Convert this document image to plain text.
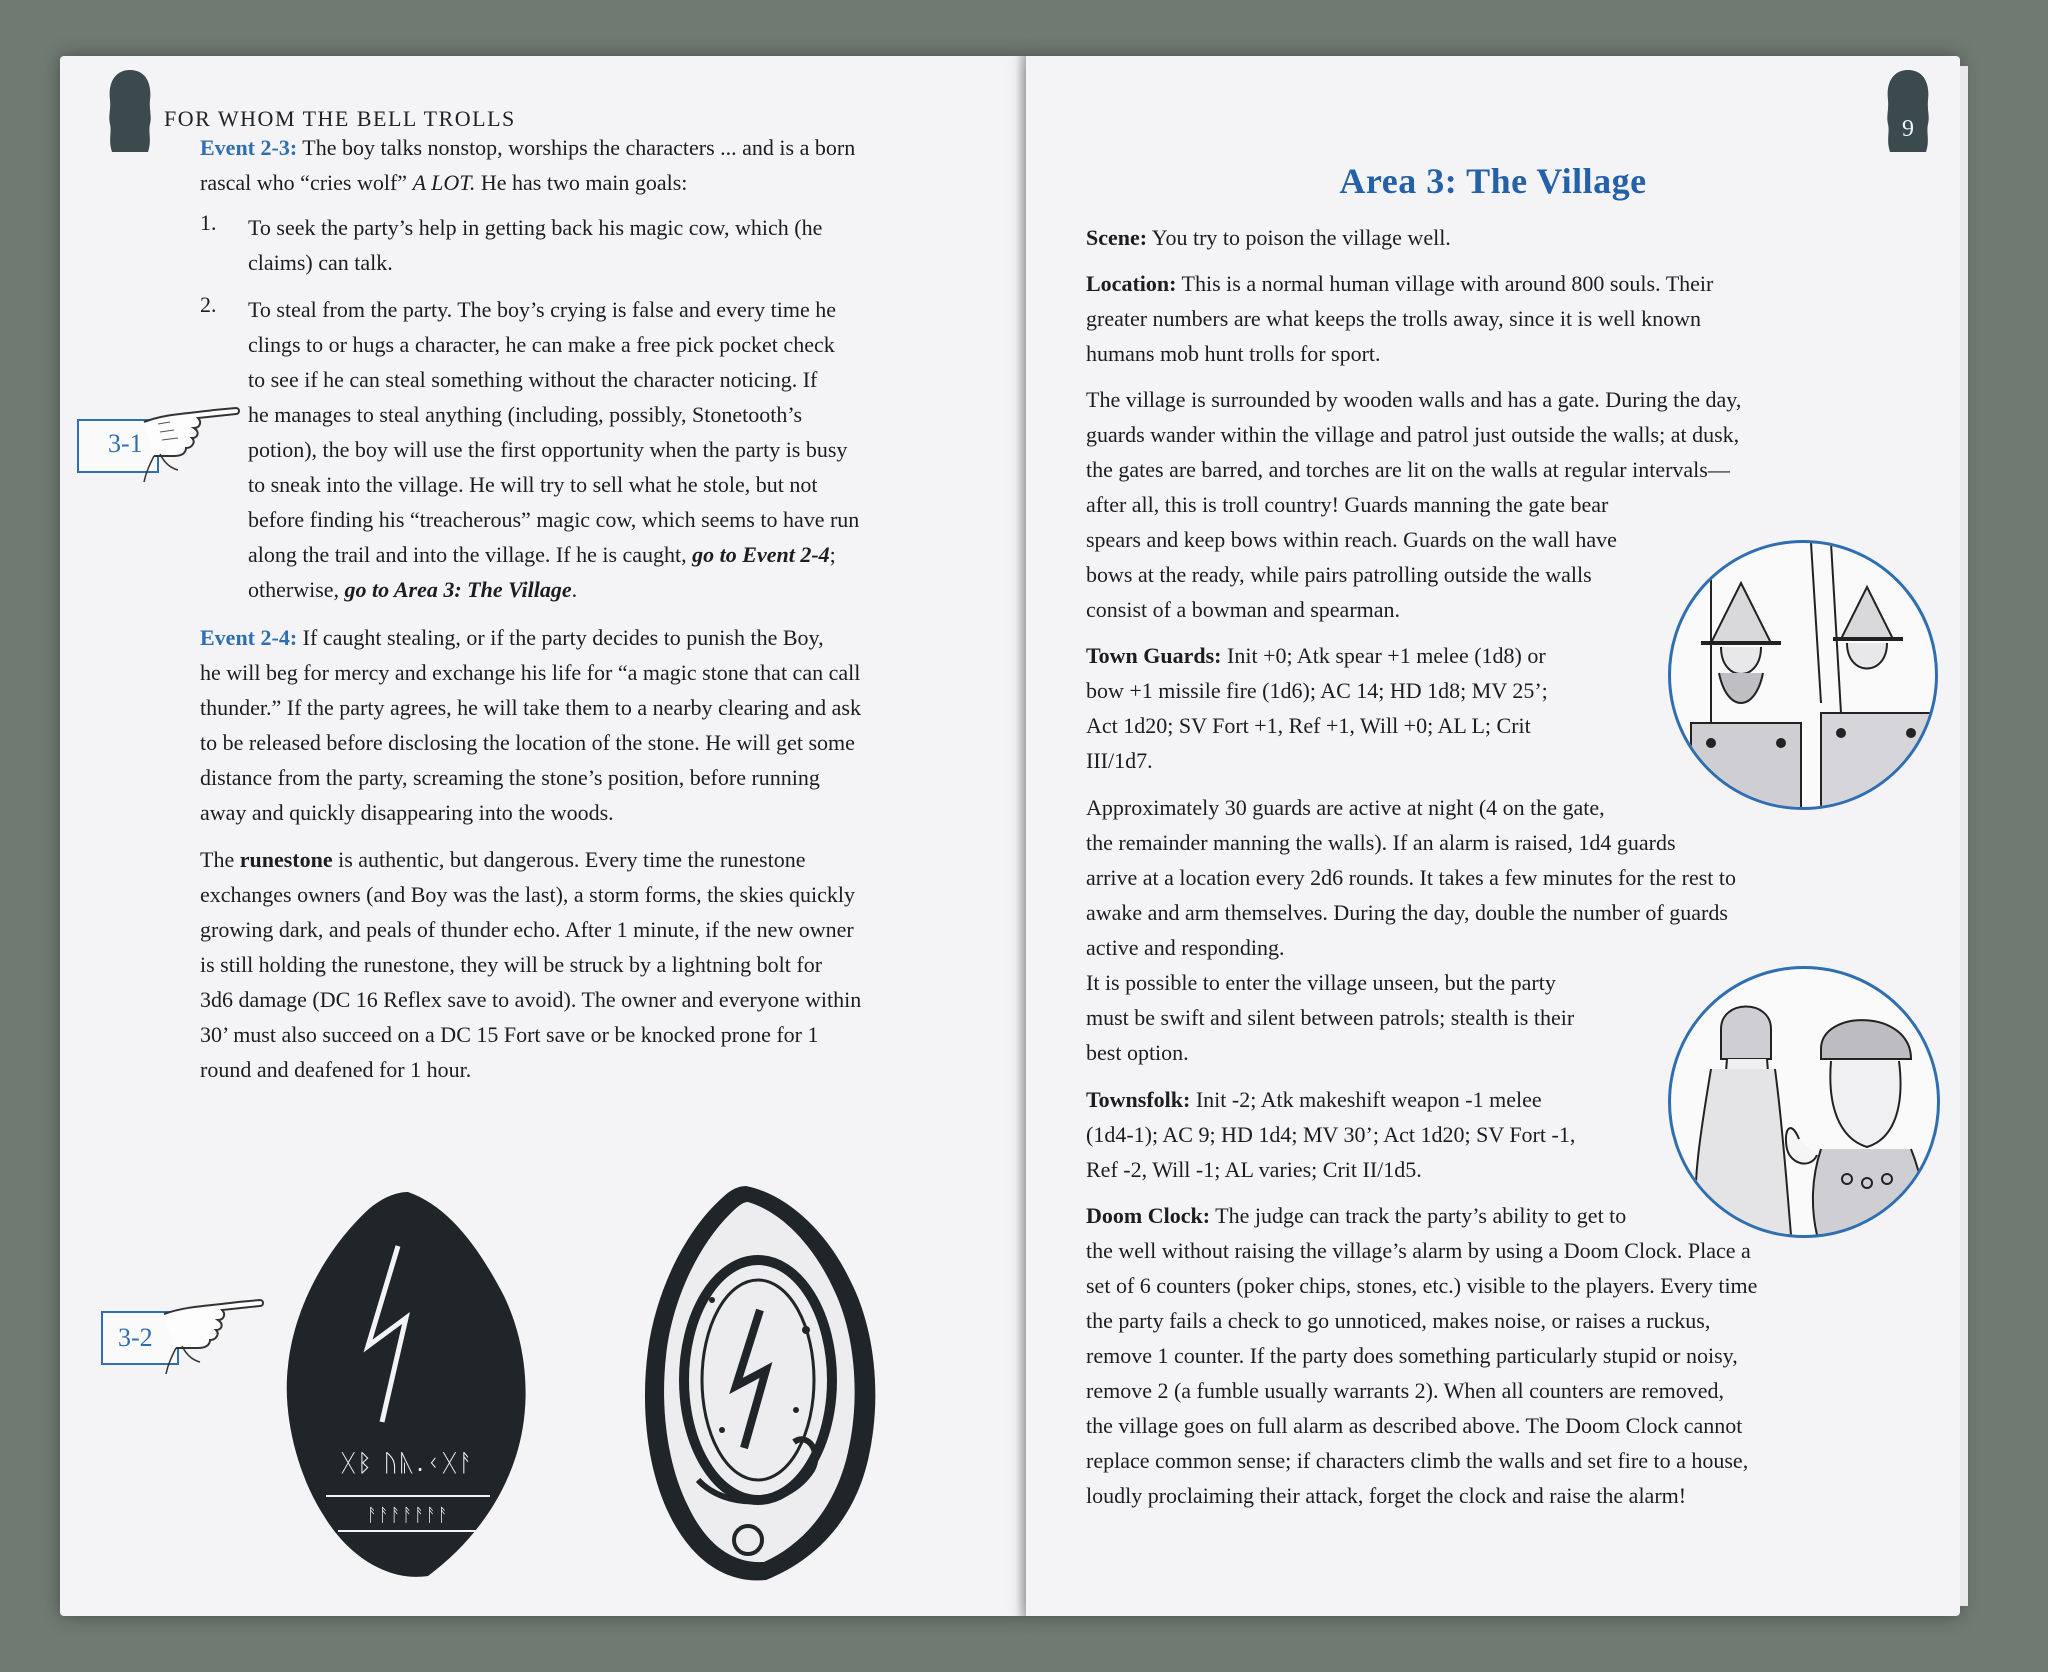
8
FOR WHOM THE BELL TROLLS

Event 2-3: The boy talks nonstop, worships the characters ... and is a born

rascal who “cries wolf” A LOT. He has two main goals:

1. To seek the party’s help in getting back his magic cow, which (he

claims) can talk.

2. To steal from the party. The boy’s crying is false and every time he

clings to or hugs a character, he can make a free pick pocket check

to see if he can steal something without the character noticing. If

he manages to steal anything (including, possibly, Stonetooth’s

potion), the boy will use the first opportunity when the party is busy

to sneak into the village. He will try to sell what he stole, but not

before finding his “treacherous” magic cow, which seems to have run

along the trail and into the village. If he is caught, go to Event 2-4;

otherwise, go to Area 3: The Village.

3-1

Event 2-4: If caught stealing, or if the party decides to punish the Boy,

he will beg for mercy and exchange his life for “a magic stone that can call

thunder.” If the party agrees, he will take them to a nearby clearing and ask

to be released before disclosing the location of the stone. He will get some

distance from the party, screaming the stone’s position, before running

away and quickly disappearing into the woods.

The runestone is authentic, but dangerous. Every time the runestone

exchanges owners (and Boy was the last), a storm forms, the skies quickly

growing dark, and peals of thunder echo. After 1 minute, if the new owner

is still holding the runestone, they will be struck by a lightning bolt for

3d6 damage (DC 16 Reflex save to avoid). The owner and everyone within

30’ must also succeed on a DC 15 Fort save or be knocked prone for 1

round and deafened for 1 hour.

3-2
ᚷᛒ ᚢᚣ.ᚲᚷᚨ
ᚨᚨᚨᚨᚨᚨᚨ
9
Area 3: The Village

Scene: You try to poison the village well.

Location: This is a normal human village with around 800 souls. Their

greater numbers are what keeps the trolls away, since it is well known

humans mob hunt trolls for sport.

The village is surrounded by wooden walls and has a gate. During the day,

guards wander within the village and patrol just outside the walls; at dusk,

the gates are barred, and torches are lit on the walls at regular intervals—

after all, this is troll country! Guards manning the gate bear

spears and keep bows within reach. Guards on the wall have

bows at the ready, while pairs patrolling outside the walls

consist of a bowman and spearman.

Town Guards: Init +0; Atk spear +1 melee (1d8) or

bow +1 missile fire (1d6); AC 14; HD 1d8; MV 25’;

Act 1d20; SV Fort +1, Ref +1, Will +0; AL L; Crit

III/1d7.

Approximately 30 guards are active at night (4 on the gate,

the remainder manning the walls). If an alarm is raised, 1d4 guards

arrive at a location every 2d6 rounds. It takes a few minutes for the rest to

awake and arm themselves. During the day, double the number of guards

active and responding.

It is possible to enter the village unseen, but the party

must be swift and silent between patrols; stealth is their

best option.

Townsfolk: Init -2; Atk makeshift weapon -1 melee

(1d4-1); AC 9; HD 1d4; MV 30’; Act 1d20; SV Fort -1,

Ref -2, Will -1; AL varies; Crit II/1d5.

Doom Clock: The judge can track the party’s ability to get to

the well without raising the village’s alarm by using a Doom Clock. Place a

set of 6 counters (poker chips, stones, etc.) visible to the players. Every time

the party fails a check to go unnoticed, makes noise, or raises a ruckus,

remove 1 counter. If the party does something particularly stupid or noisy,

remove 2 (a fumble usually warrants 2). When all counters are removed,

the village goes on full alarm as described above. The Doom Clock cannot

replace common sense; if characters climb the walls and set fire to a house,

loudly proclaiming their attack, forget the clock and raise the alarm!
